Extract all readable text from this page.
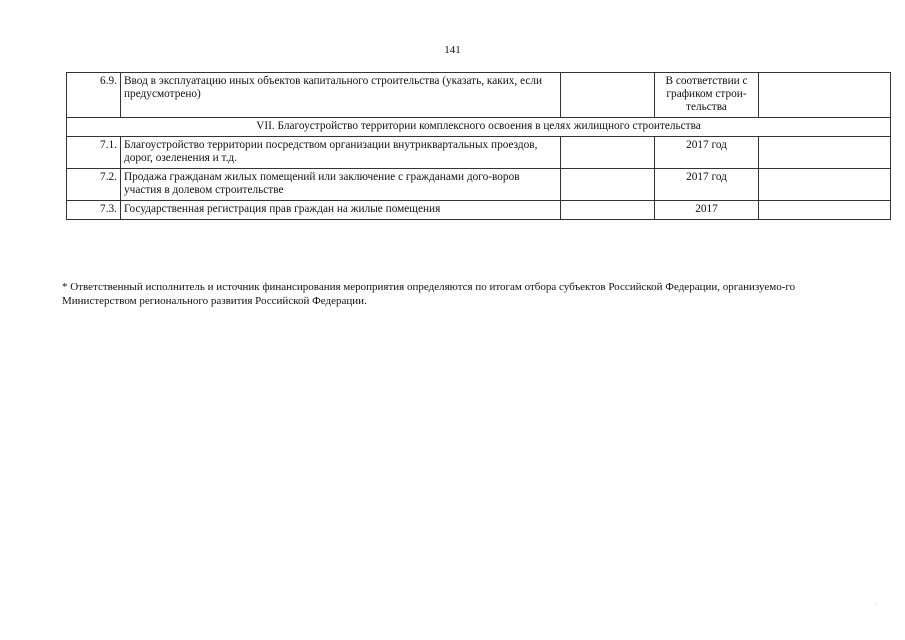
141
6.9.	Ввод в эксплуатацию иных объектов капитального строительства (указать, каких, если предусмотрено)		В соответствии с графиком строи-тельства	
VII. Благоустройство территории комплексного освоения в целях жилищного строительства				
7.1.	Благоустройство территории посредством организации внутриквартальных проездов, дорог, озеленения и т.д.		2017 год	
7.2.	Продажа гражданам жилых помещений или заключение с гражданами дого-воров участия в долевом строительстве		2017 год	
7.3.	Государственная регистрация прав граждан на жилые помещения		2017	
* Ответственный исполнитель и источник финансирования мероприятия определяются по итогам отбора субъектов Российской Федерации, организуемо-го Министерством регионального развития Российской Федерации.
·
